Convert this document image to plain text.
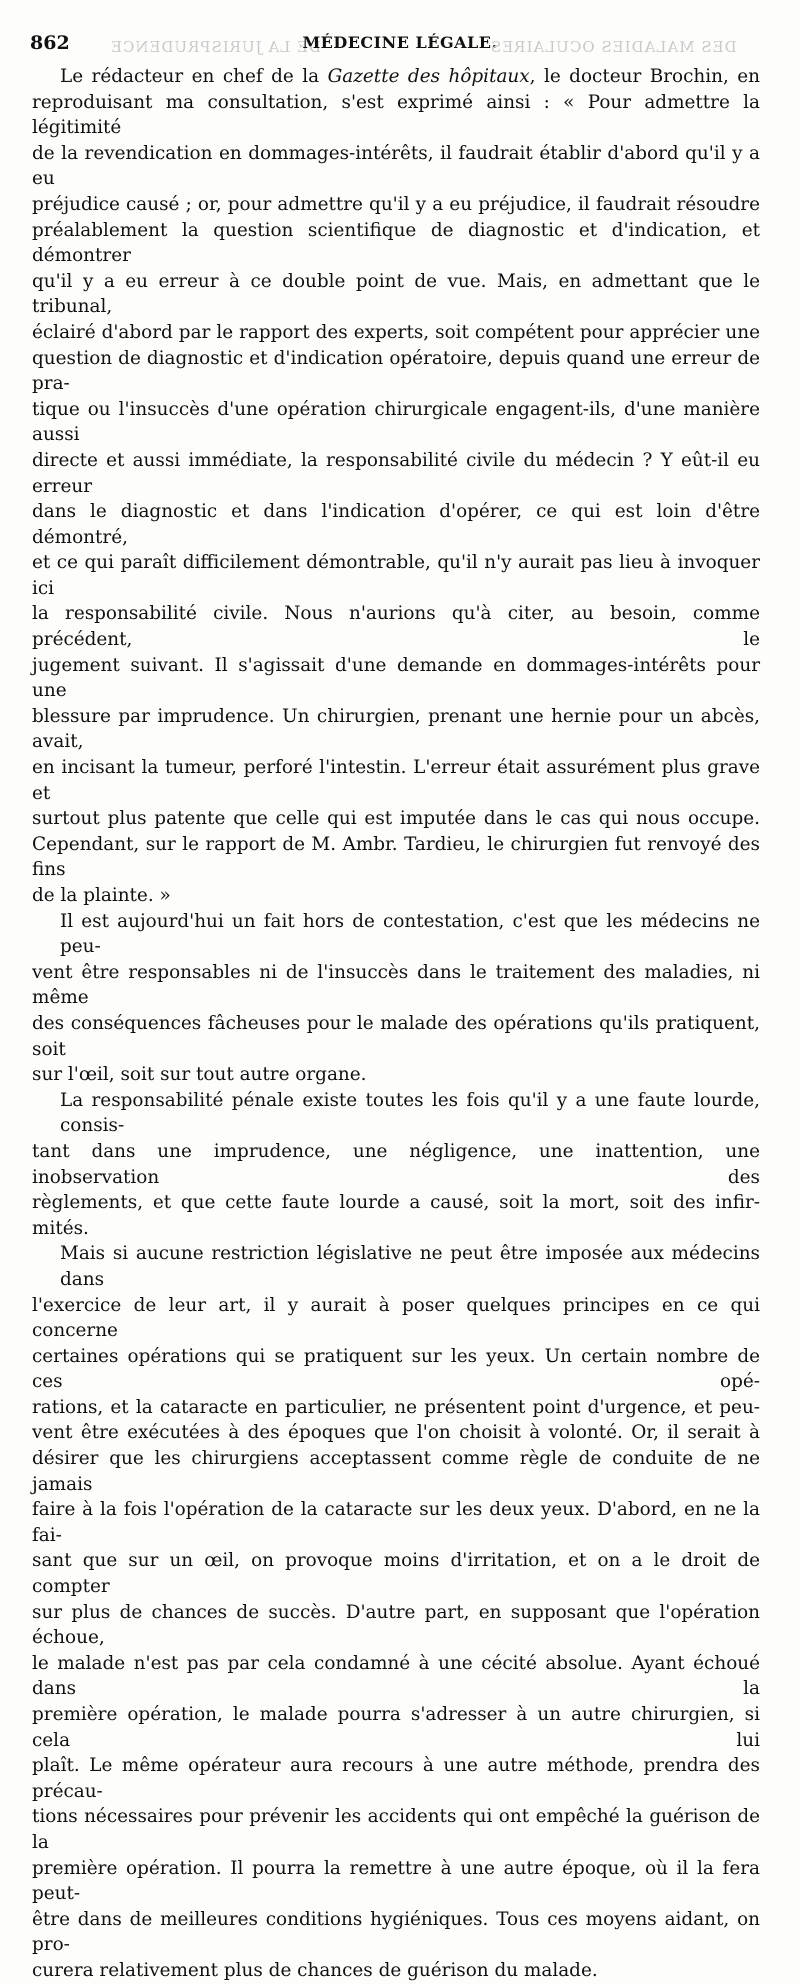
862	DE LA JURISPRUDENCE
MÉDECINE LÉGALE.
DES MALADIES OCULAIRES

Le rédacteur en chef de la Gazette des hôpitaux, le docteur Brochin, en
reproduisant ma consultation, s'est exprimé ainsi : « Pour admettre la légitimité
de la revendication en dommages-intérêts, il faudrait établir d'abord qu'il y a eu
préjudice causé ; or, pour admettre qu'il y a eu préjudice, il faudrait résoudre
préalablement la question scientifique de diagnostic et d'indication, et démontrer
qu'il y a eu erreur à ce double point de vue. Mais, en admettant que le tribunal,
éclairé d'abord par le rapport des experts, soit compétent pour apprécier une
question de diagnostic et d'indication opératoire, depuis quand une erreur de pra-
tique ou l'insuccès d'une opération chirurgicale engagent-ils, d'une manière aussi
directe et aussi immédiate, la responsabilité civile du médecin ? Y eût-il eu erreur
dans le diagnostic et dans l'indication d'opérer, ce qui est loin d'être démontré,
et ce qui paraît difficilement démontrable, qu'il n'y aurait pas lieu à invoquer ici
la responsabilité civile. Nous n'aurions qu'à citer, au besoin, comme précédent, le
jugement suivant. Il s'agissait d'une demande en dommages-intérêts pour une
blessure par imprudence. Un chirurgien, prenant une hernie pour un abcès, avait,
en incisant la tumeur, perforé l'intestin. L'erreur était assurément plus grave et
surtout plus patente que celle qui est imputée dans le cas qui nous occupe.
Cependant, sur le rapport de M. Ambr. Tardieu, le chirurgien fut renvoyé des fins
de la plainte. »

Il est aujourd'hui un fait hors de contestation, c'est que les médecins ne peu-
vent être responsables ni de l'insuccès dans le traitement des maladies, ni même
des conséquences fâcheuses pour le malade des opérations qu'ils pratiquent, soit
sur l'œil, soit sur tout autre organe.

La responsabilité pénale existe toutes les fois qu'il y a une faute lourde, consis-
tant dans une imprudence, une négligence, une inattention, une inobservation des
règlements, et que cette faute lourde a causé, soit la mort, soit des infir-
mités.

Mais si aucune restriction législative ne peut être imposée aux médecins dans
l'exercice de leur art, il y aurait à poser quelques principes en ce qui concerne
certaines opérations qui se pratiquent sur les yeux. Un certain nombre de ces opé-
rations, et la cataracte en particulier, ne présentent point d'urgence, et peu-
vent être exécutées à des époques que l'on choisit à volonté. Or, il serait à
désirer que les chirurgiens acceptassent comme règle de conduite de ne jamais
faire à la fois l'opération de la cataracte sur les deux yeux. D'abord, en ne la fai-
sant que sur un œil, on provoque moins d'irritation, et on a le droit de compter
sur plus de chances de succès. D'autre part, en supposant que l'opération échoue,
le malade n'est pas par cela condamné à une cécité absolue. Ayant échoué dans la
première opération, le malade pourra s'adresser à un autre chirurgien, si cela lui
plaît. Le même opérateur aura recours à une autre méthode, prendra des précau-
tions nécessaires pour prévenir les accidents qui ont empêché la guérison de la
première opération. Il pourra la remettre à une autre époque, où il la fera peut-
être dans de meilleures conditions hygiéniques. Tous ces moyens aidant, on pro-
curera relativement plus de chances de guérison du malade.
